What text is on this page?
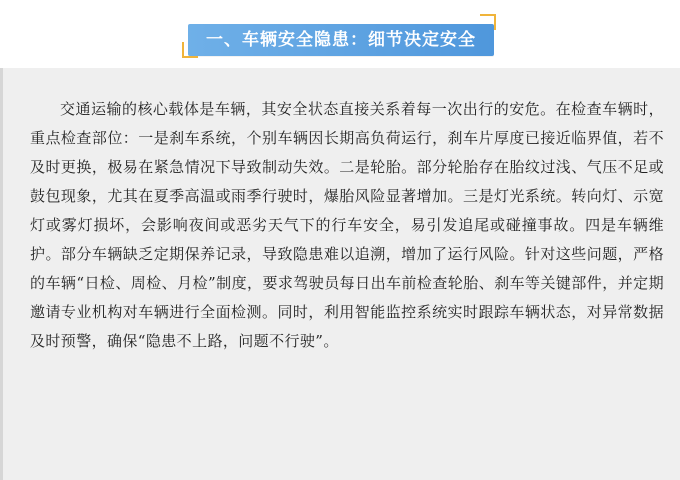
一、车辆安全隐患：细节决定安全

交通运输的核心载体是车辆，其安全状态直接关系着每一次出行的安危。在检查车辆时，重点检查部位：一是刹车系统，个别车辆因长期高负荷运行，刹车片厚度已接近临界值，若不及时更换，极易在紧急情况下导致制动失效。二是轮胎。部分轮胎存在胎纹过浅、气压不足或鼓包现象，尤其在夏季高温或雨季行驶时，爆胎风险显著增加。三是灯光系统。转向灯、示宽灯或雾灯损坏，会影响夜间或恶劣天气下的行车安全，易引发追尾或碰撞事故。四是车辆维护。部分车辆缺乏定期保养记录，导致隐患难以追溯，增加了运行风险。针对这些问题，严格的车辆“日检、周检、月检”制度，要求驾驶员每日出车前检查轮胎、刹车等关键部件，并定期邀请专业机构对车辆进行全面检测。同时，利用智能监控系统实时跟踪车辆状态，对异常数据及时预警，确保“隐患不上路，问题不行驶”。
